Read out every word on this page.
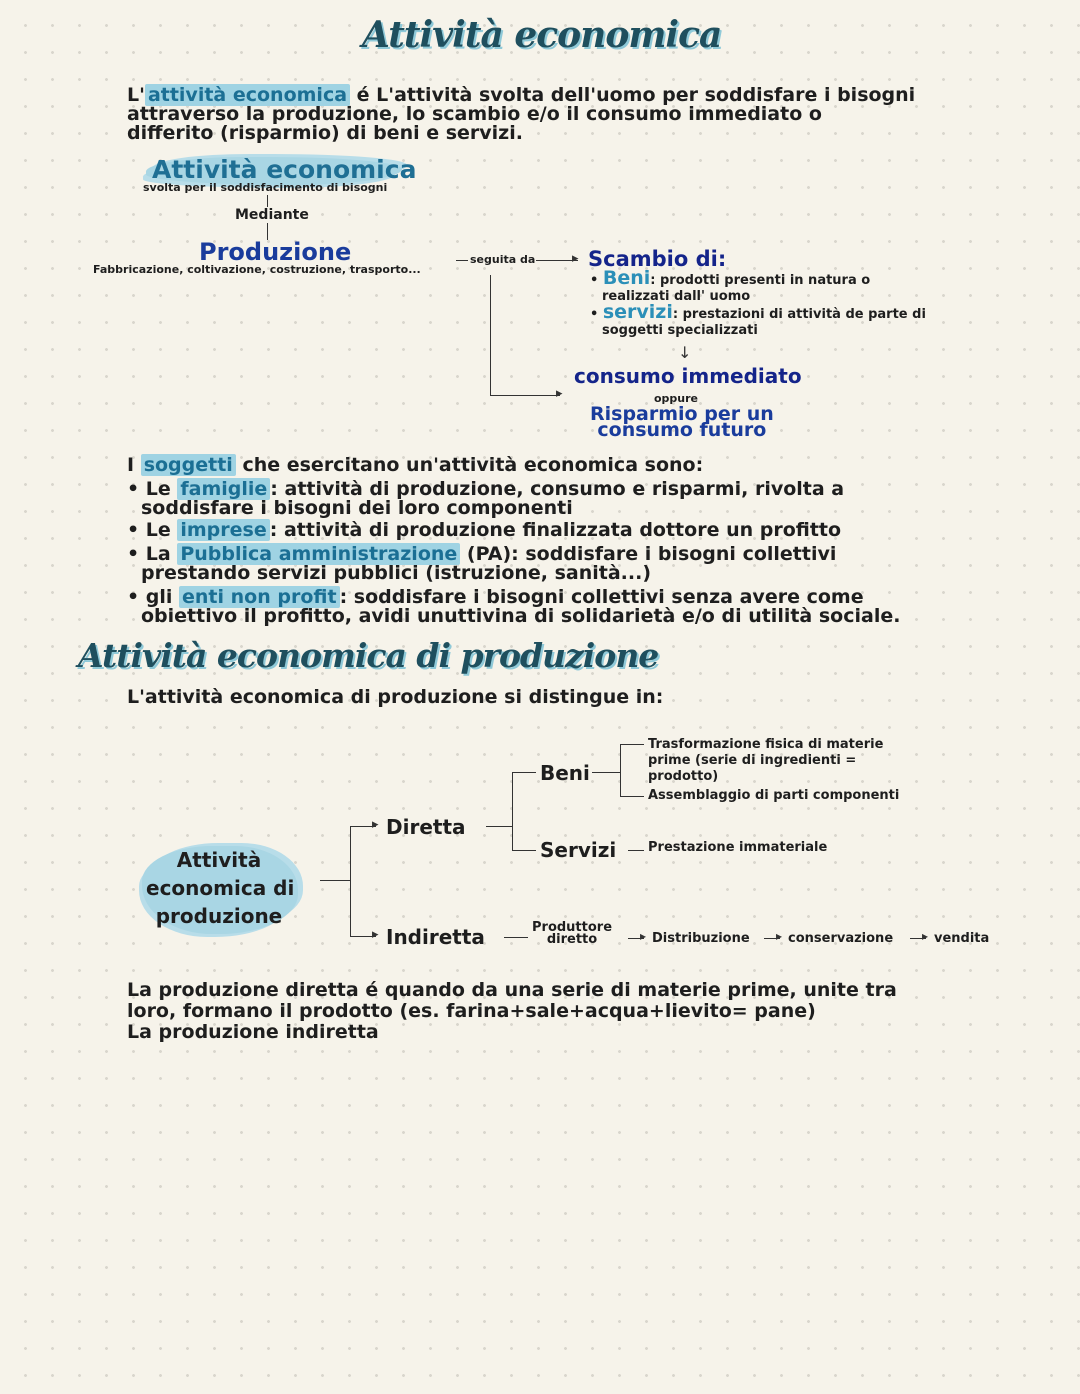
Attività economica
L' attività economica é L'attività svolta dell'uomo per soddisfare i bisogni
attraverso la produzione, lo scambio e/o il consumo immediato o
differito (risparmio) di beni e servizi.
Attività economica
svolta per il soddisfacimento di bisogni
Mediante
Produzione
Fabbricazione, coltivazione, costruzione, trasporto...
seguita da	▸
▸
Scambio di:
• Beni: prodotti presenti in natura o
realizzati dall' uomo
• servizi: prestazioni di attività de parte di
soggetti specializzati
↓
consumo immediato
oppure
Risparmio per un
consumo futuro
I soggetti che esercitano un'attività economica sono:
• Le famiglie : attività di produzione, consumo e risparmi, rivolta a
soddisfare i bisogni dei loro componenti
• Le imprese : attività di produzione finalizzata dottore un profitto
• La Pubblica amministrazione (PA): soddisfare i bisogni collettivi
prestando servizi pubblici (istruzione, sanità...)
• gli enti non profit : soddisfare i bisogni collettivi senza avere come
obiettivo il profitto, avidi unuttivina di solidarietà e/o di utilità sociale.
Attività economica di produzione
L'attività economica di produzione si distingue in:
Attività
economica di
produzione
▸
▸
Diretta
Indiretta
Beni
Servizi
Trasformazione fisica di materie
prime (serie di ingredienti =
prodotto)
Assemblaggio di parti componenti
Prestazione immateriale
Produttore
diretto	▸ Distribuzione ▸ conservazione ▸ vendita
La produzione diretta é quando da una serie di materie prime, unite tra
loro, formano il prodotto (es. farina+sale+acqua+lievito= pane)
La produzione indiretta
